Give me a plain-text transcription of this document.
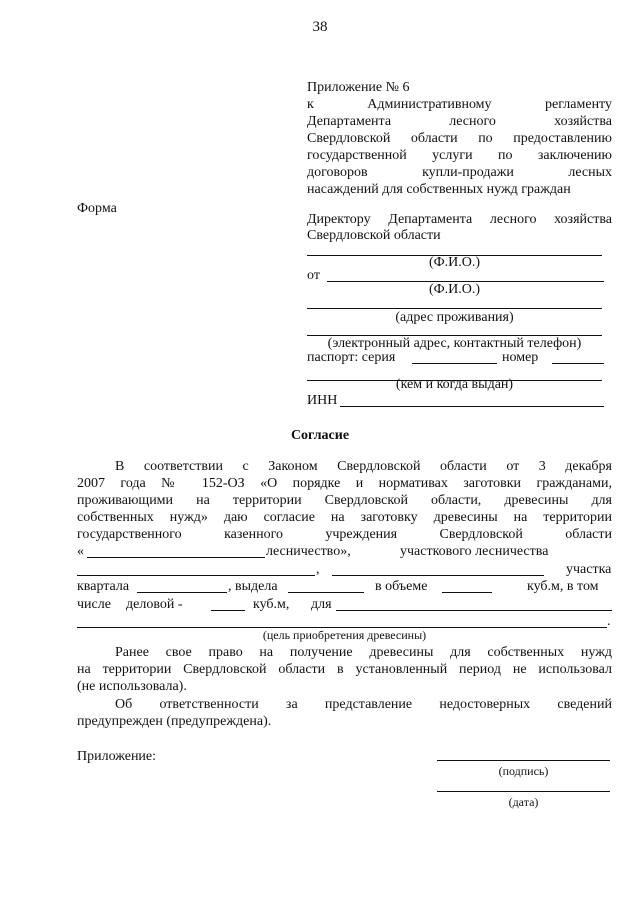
38
Приложение № 6
к Административному регламенту
Департамента лесного хозяйства
Свердловской области по предоставлению
государственной услуги по заключению
договоров купли-продажи лесных
насаждений для собственных нужд граждан
Форма
Директору Департамента лесного хозяйства
Свердловской области
(Ф.И.О.)
от
(Ф.И.О.)
(адрес проживания)
(электронный адрес, контактный телефон)
паспорт: серия	номер
(кем и когда выдан)
ИНН
Согласие
В соответствии с Законом Свердловской области от 3 декабря
2007 года № 152-ОЗ «О порядке и нормативах заготовки гражданами,
проживающими на территории Свердловской области, древесины для
собственных нужд» даю согласие на заготовку древесины на территории
государственного казенного учреждения Свердловской области
«	лесничество»,	участкового лесничества
,	участка
квартала	, выдела	в объеме	куб.м, в том
числе деловой -	куб.м, для
.
(цель приобретения древесины)
Ранее свое право на получение древесины для собственных нужд
на территории Свердловской области в установленный период не использовал
(не использовала).
Об ответственности за представление недостоверных сведений
предупрежден (предупреждена).
Приложение:
(подпись)
(дата)
